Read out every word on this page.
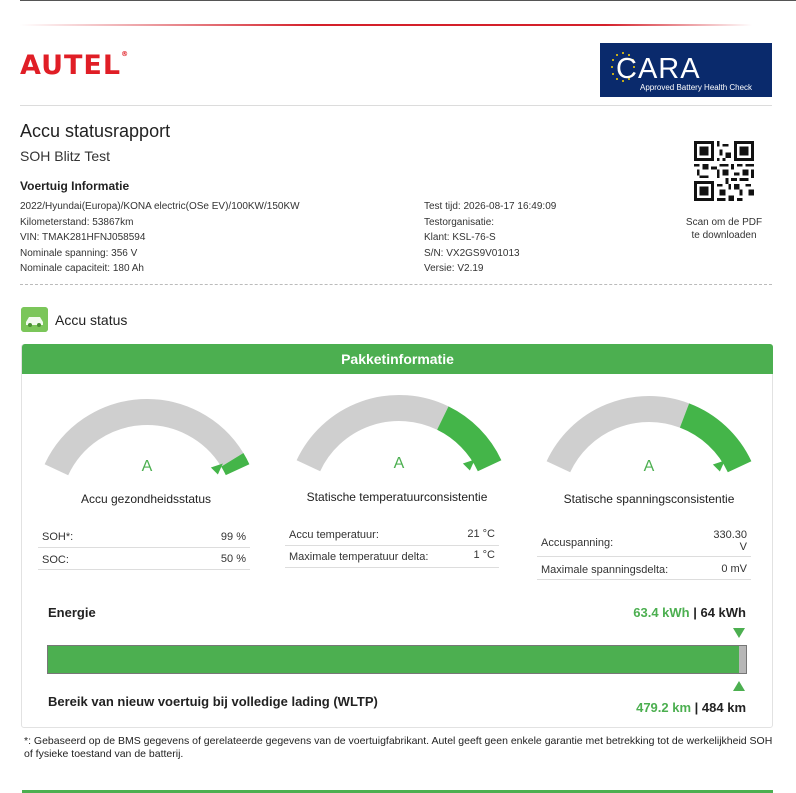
AUTEL®	CARA
Approved Battery Health Check
Accu statusrapport
SOH Blitz Test
Voertuig Informatie
2022/Hyundai(Europa)/KONA electric(OSe EV)/100KW/150KW
Kilometerstand: 53867km
VIN: TMAK281HFNJ058594
Nominale spanning: 356 V
Nominale capaciteit: 180 Ah
Test tijd: 2026-08-17 16:49:09
Testorganisatie:
Klant: KSL-76-S
S/N: VX2GS9V01013
Versie: V2.19
Scan om de PDF
te downloaden
Accu status
Pakketinformatie
A	A	A
Accu gezondheidsstatus	Statische temperatuurconsistentie	Statische spanningsconsistentie
SOH*:	99 %
SOC:	50 %
Accu temperatuur:	21 °C
Maximale temperatuur delta:	1 °C
Accuspanning:
330.30
V
Maximale spanningsdelta:	0 mV
Energie	63.4 kWh | 64 kWh
Bereik van nieuw voertuig bij volledige lading (WLTP)	479.2 km | 484 km
*: Gebaseerd op de BMS gegevens of gerelateerde gegevens van de voertuigfabrikant. Autel geeft geen enkele garantie met betrekking tot de werkelijkheid SOH of fysieke toestand van de batterij.
